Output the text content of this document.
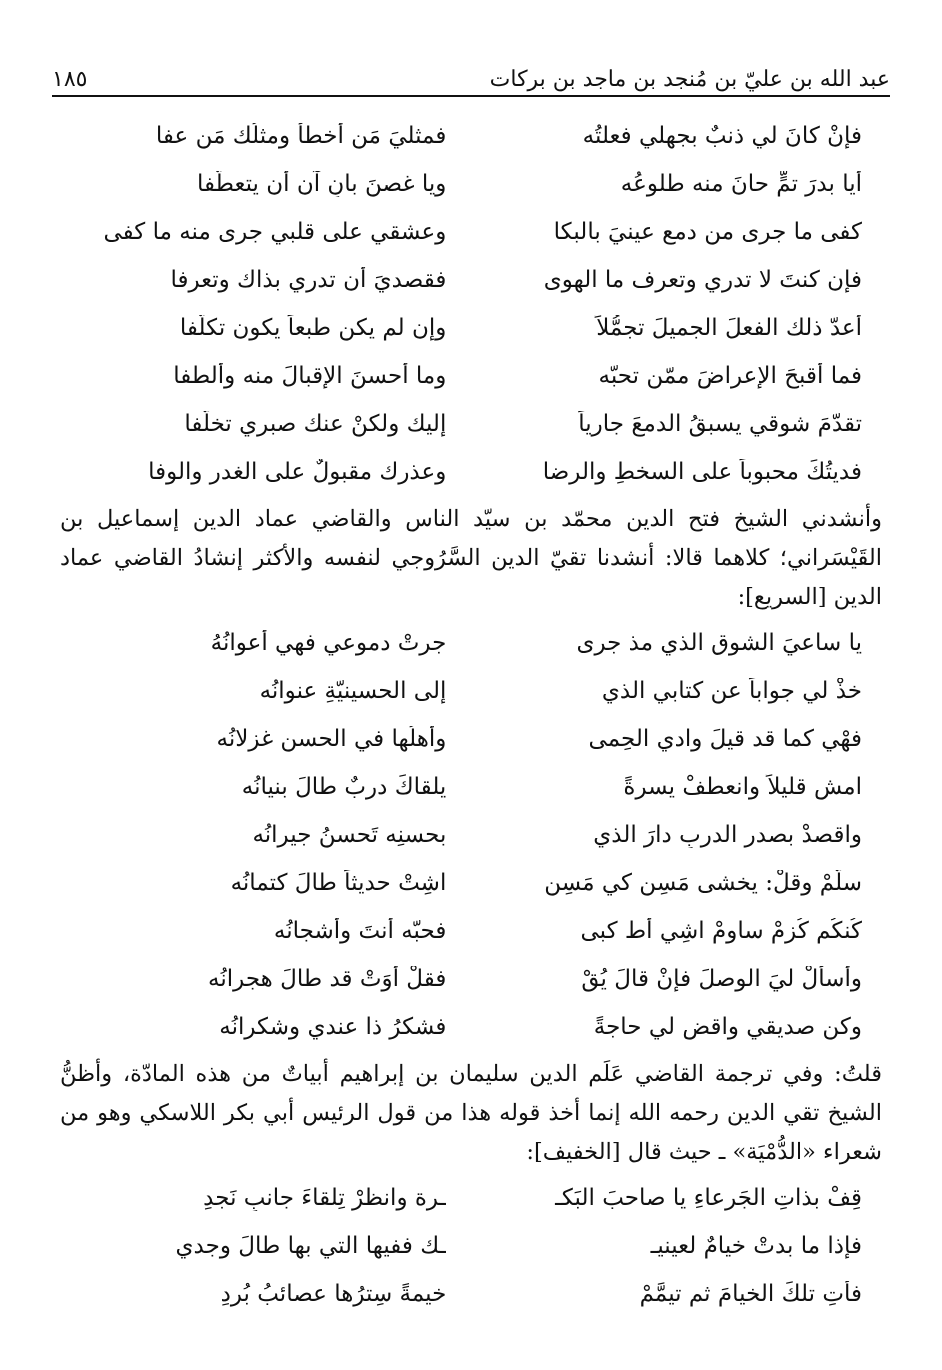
عبد الله بن عليّ بن مُنجد بن ماجد بن بركات
١٨٥
فإنْ كانَ لي ذنبٌ بجهلي فعلتُه
فمثليَ مَن أخطأ ومثلُك مَن عفا
أيا بدرَ تمٍّ حانَ منه طلوعُه
ويا غصنَ بانٍ آن أن يتعطّفا
كفى ما جرى من دمعِ عينيَ بالبكا
وعشقي على قلبي جرى منه ما كفى
فإن كنتَ لا تدري وتعرف ما الهوى
فقصديَ أن تدري بذاك وتعرفا
أعدّ ذلك الفعلَ الجميلَ تجمُّلاً
وإن لم يكن طبعاً يكون تكلُّفا
فما أقبحَ الإعراضَ ممّن تحبّه
وما أحسنَ الإقبالَ منه وألطفا
تقدّمَ شوقي يسبقُ الدمعَ جارياً
إليك ولكنْ عنك صبري تخلّفا
فديتُكَ محبوباً على السخطِ والرضا
وعذرك مقبولٌ على الغدرِ والوفا

وأنشدني الشيخ فتح الدين محمّد بن سيّد الناس والقاضي عماد الدين إسماعيل بن القَيْسَراني؛ كلاهما قالا: أنشدنا تقيّ الدين السَّرُوجي لنفسه والأكثر إنشادُ القاضي عماد الدين [السريع]:

يا ساعيَ الشوقِ الذي مذ جرى
جرتْ دموعي فهي أعوانُهُ
خذْ لي جواباً عن كتابي الذي
إلى الحسينيّةِ عنوانُه
فهْي كما قد قيلَ وادي الحِمى
وأهلُها في الحسنِ غزلانُه
امشِ قليلاً وانعطفْ يسرةً
يلقاكَ دربٌ طالَ بنيانُه
واقصدْ بصدرِ الدربِ دارَ الذي
بحسنِه تَحسنُ جيرانُه
سلّمْ وقلْ: يخشى مَسِن كي مَسِن
اشِتْ حديثاً طالَ كتمانُه
كُنكُم كُزمْ ساومْ اشِي أُط كبى
فحبّه أنتَ وأشجانُه
وأسألْ ليَ الوصلَ فإنْ قالَ يُقْ
فقلْ أَوَتْ قد طالَ هجرانُه
وكن صديقي واقضِ لي حاجةً
فشكرُ ذا عندي وشكرانُه

قلتُ: وفي ترجمة القاضي عَلَم الدين سليمان بن إبراهيم أبياتٌ من هذه المادّة، وأظنُّ الشيخ تقي الدين رحمه الله إنما أخذ قوله هذا من قول الرئيس أبي بكر اللاسكي وهو من شعراء «الدُّمْيَة» ـ حيث قال [الخفيف]:

قِفْ بذاتِ الجَرعاءِ يا صاحبَ البَكـ
ـرة وانظرْ تِلقاءَ جانبِ نَجدِ
فإذا ما بدتْ خيامٌ لعينيـ
ـك ففيها التي بها طالَ وجدي
فأْتِ تلكَ الخيامَ ثم تيمَّمْ
خيمةً سِترُها عصائبُ بُردِ
